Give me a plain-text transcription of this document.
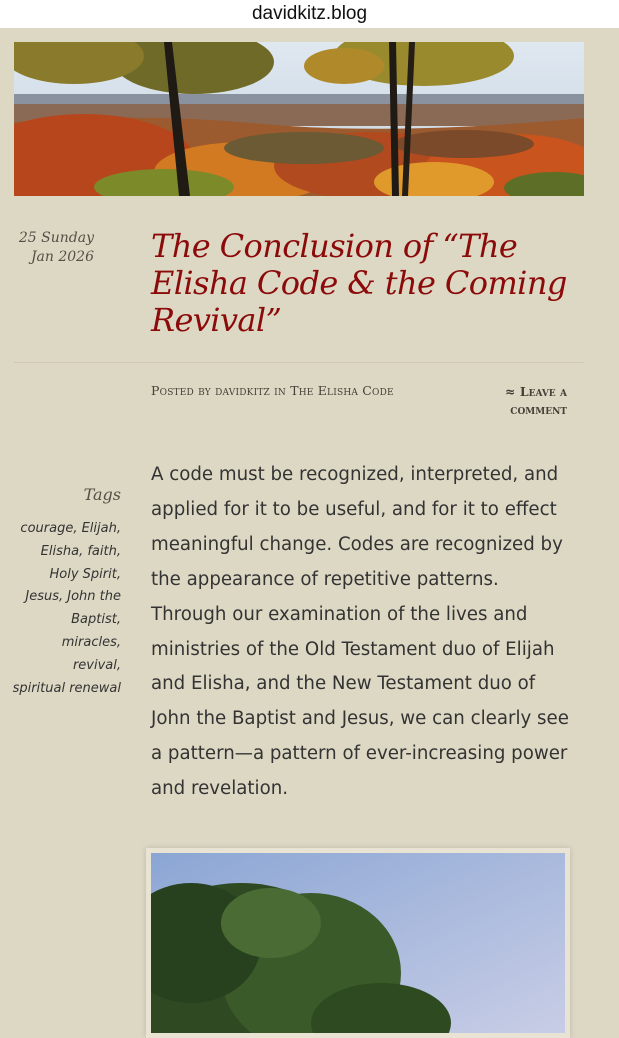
davidkitz.blog
25 Sunday
Jan 2026 The Conclusion of “The Elisha Code & the Coming Revival”
Posted by davidkitz in The Elisha Code	≈ Leave a
comment
Tags
courage, Elijah,
Elisha, faith,
Holy Spirit,
Jesus, John the Baptist,
miracles,
revival,
spiritual renewal

A code must be recognized, interpreted, and applied for it to be useful, and for it to effect meaningful change. Codes are recognized by the appearance of repetitive patterns. Through our examination of the lives and ministries of the Old Testament duo of Elijah and Elisha, and the New Testament duo of John the Baptist and Jesus, we can clearly see a pattern—a pattern of ever-increasing power and revelation.
